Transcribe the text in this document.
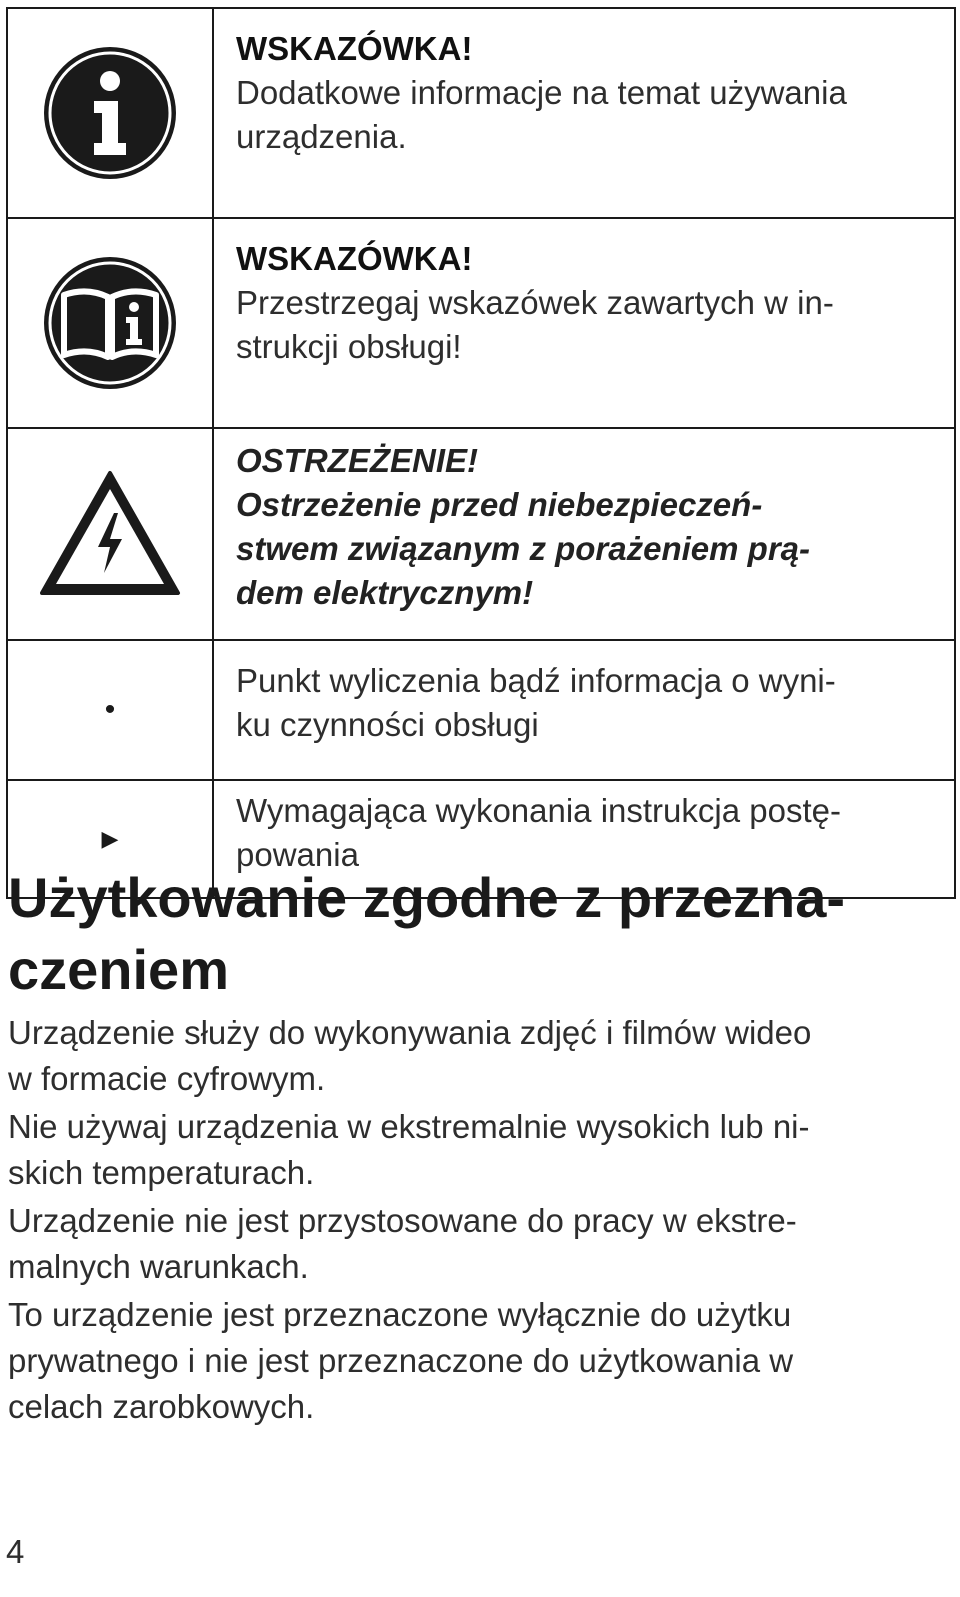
WSKAZÓWKA!
Dodatkowe informacje na temat używania
urządzenia.

WSKAZÓWKA!
Przestrzegaj wskazówek zawartych w in-
strukcji obsługi!

OSTRZEŻENIE!
Ostrzeżenie przed niebezpieczeń-
stwem związanym z porażeniem prą-
dem elektrycznym!

•	Punkt wyliczenia bądź informacja o wyni-
ku czynności obsługi

▶	Wymagająca wykonania instrukcja postę-
powania
Użytkowanie zgodne z przezna-
czeniem

Urządzenie służy do wykonywania zdjęć i filmów wideo
w formacie cyfrowym.

Nie używaj urządzenia w ekstremalnie wysokich lub ni-
skich temperaturach.

Urządzenie nie jest przystosowane do pracy w ekstre-
malnych warunkach.

To urządzenie jest przeznaczone wyłącznie do użytku
prywatnego i nie jest przeznaczone do użytkowania w
celach zarobkowych.

4
